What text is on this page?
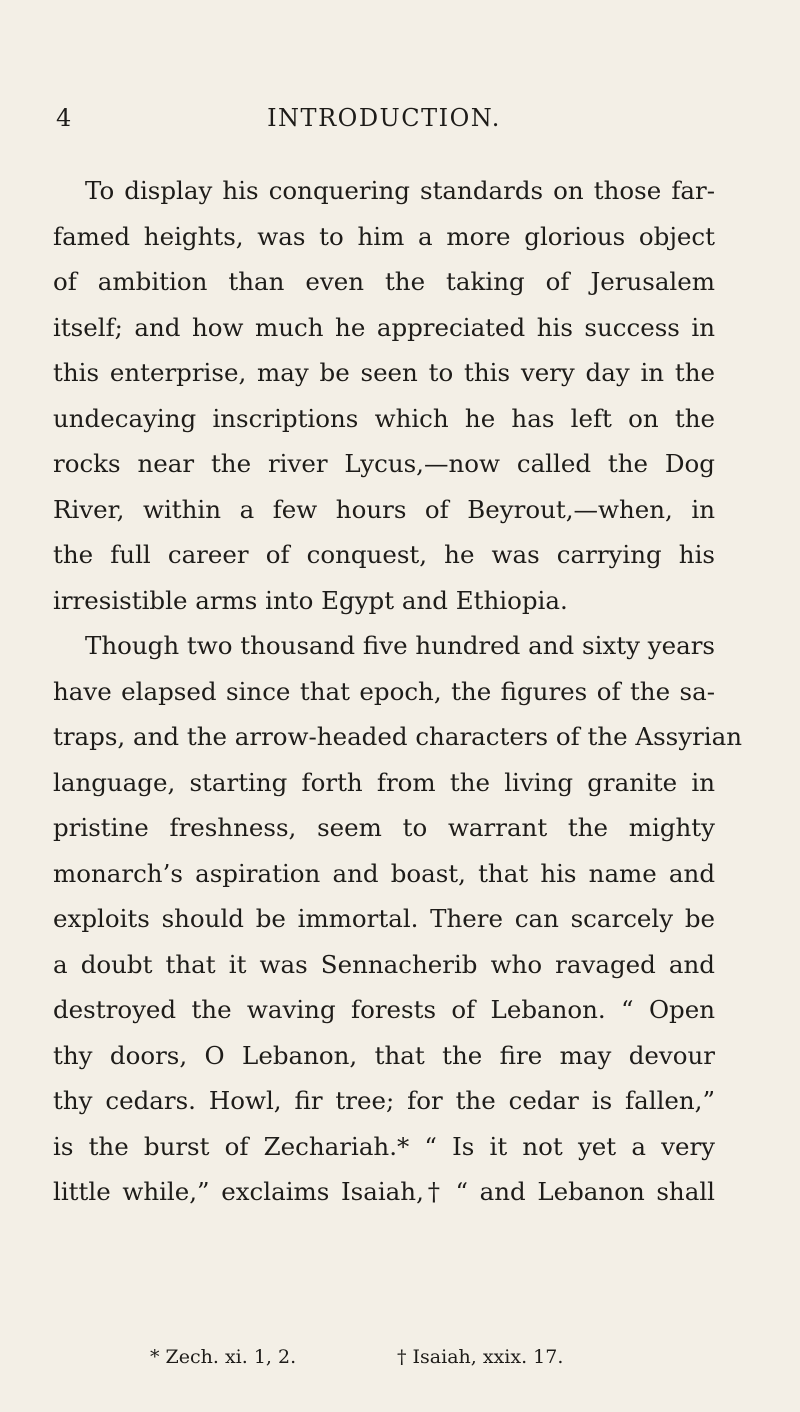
4	INTRODUCTION.
To display his conquering standards on those far-
famed heights, was to him a more glorious object
of ambition than even the taking of Jerusalem
itself; and how much he appreciated his success in
this enterprise, may be seen to this very day in the
undecaying inscriptions which he has left on the
rocks near the river Lycus,—now called the Dog
River, within a few hours of Beyrout,—when, in
the full career of conquest, he was carrying his
irresistible arms into Egypt and Ethiopia.
Though two thousand five hundred and sixty years
have elapsed since that epoch, the figures of the sa-
traps, and the arrow-headed characters of the Assyrian
language, starting forth from the living granite in
pristine freshness, seem to warrant the mighty
monarch’s aspiration and boast, that his name and
exploits should be immortal. There can scarcely be
a doubt that it was Sennacherib who ravaged and
destroyed the waving forests of Lebanon. “ Open
thy doors, O Lebanon, that the fire may devour
thy cedars. Howl, fir tree; for the cedar is fallen,”
is the burst of Zechariah.* “ Is it not yet a very
little while,” exclaims Isaiah,† “ and Lebanon shall
* Zech. xi. 1, 2.	† Isaiah, xxix. 17.
